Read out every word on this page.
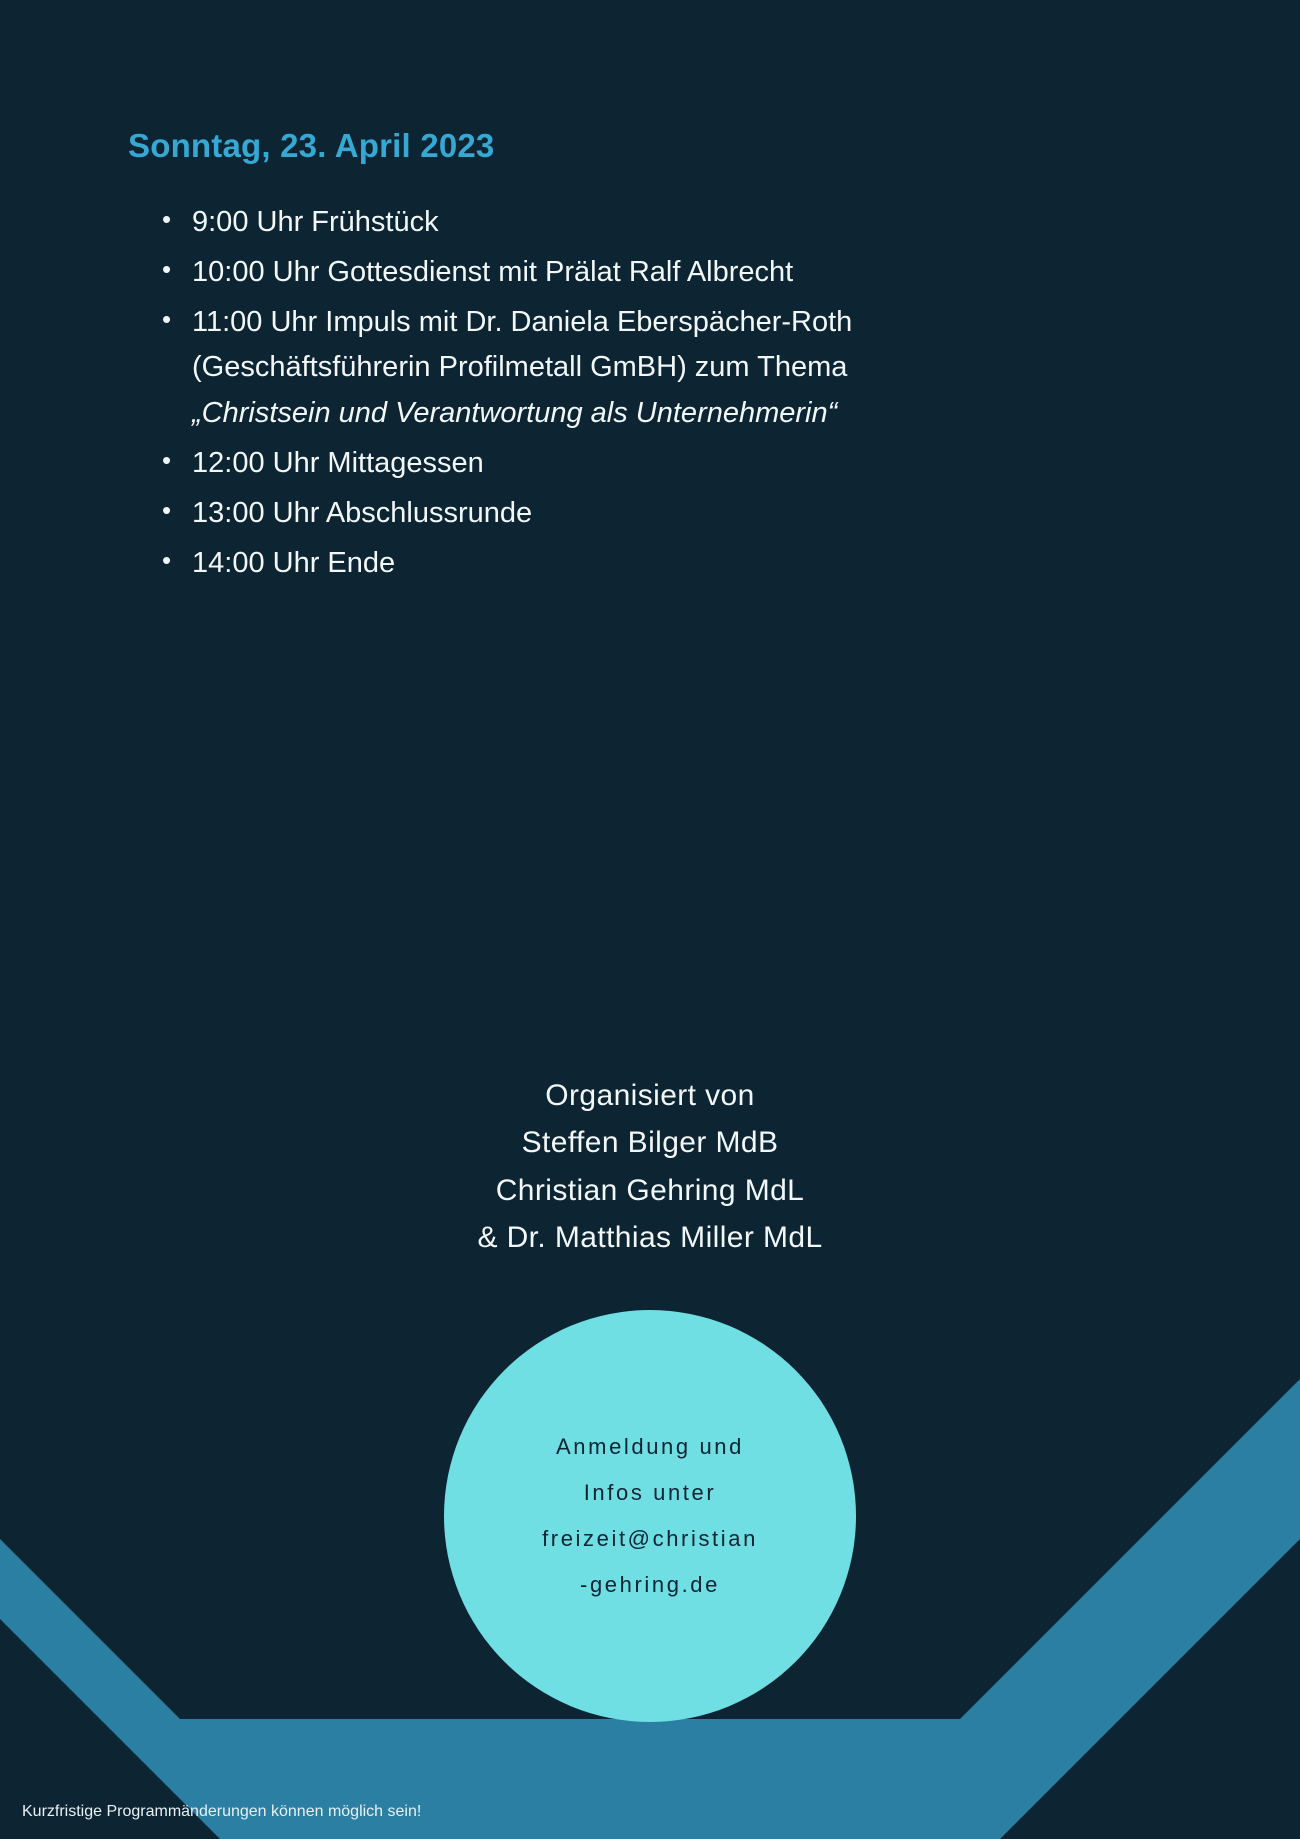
Sonntag, 23. April 2023
• 9:00 Uhr Frühstück
• 10:00 Uhr Gottesdienst mit Prälat Ralf Albrecht
• 11:00 Uhr Impuls mit Dr. Daniela Eberspächer-Roth (Geschäftsführerin Profilmetall GmBH) zum Thema
„Christsein und Verantwortung als Unternehmerin“
• 12:00 Uhr Mittagessen
• 13:00 Uhr Abschlussrunde
• 14:00 Uhr Ende
Organisiert von
Steffen Bilger MdB
Christian Gehring MdL
& Dr. Matthias Miller MdL
Anmeldung und
Infos unter
freizeit@christian
-gehring.de
Kurzfristige Programmänderungen können möglich sein!
